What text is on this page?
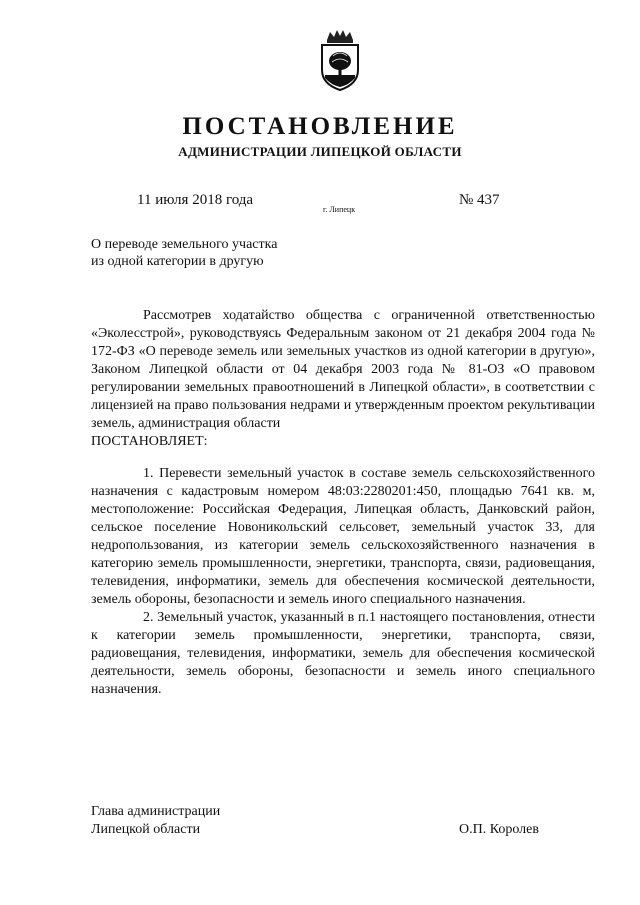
ПОСТАНОВЛЕНИЕ
АДМИНИСТРАЦИИ ЛИПЕЦКОЙ ОБЛАСТИ
11 июля 2018 года
г. Липецк
№ 437
О переводе земельного участка
из одной категории в другую

Рассмотрев ходатайство общества с ограниченной ответственностью «Эколесстрой», руководствуясь Федеральным законом от 21 декабря 2004 года № 172-ФЗ «О переводе земель или земельных участков из одной категории в другую», Законом Липецкой области от 04 декабря 2003 года № 81-ОЗ «О правовом регулировании земельных правоотношений в Липецкой области», в соответствии с лицензией на право пользования недрами и утвержденным проектом рекультивации земель, администрация области

ПОСТАНОВЛЯЕТ:

1. Перевести земельный участок в составе земель сельскохозяйственного назначения с кадастровым номером 48:03:2280201:450, площадью 7641 кв. м, местоположение: Российская Федерация, Липецкая область, Данковский район, сельское поселение Новоникольский сельсовет, земельный участок 33, для недропользования, из категории земель сельскохозяйственного назначения в категорию земель промышленности, энергетики, транспорта, связи, радиовещания, телевидения, информатики, земель для обеспечения космической деятельности, земель обороны, безопасности и земель иного специального назначения.

2. Земельный участок, указанный в п.1 настоящего постановления, отнести к категории земель промышленности, энергетики, транспорта, связи, радиовещания, телевидения, информатики, земель для обеспечения космической деятельности, земель обороны, безопасности и земель иного специального назначения.

Глава администрации
Липецкой области	О.П. Королев
